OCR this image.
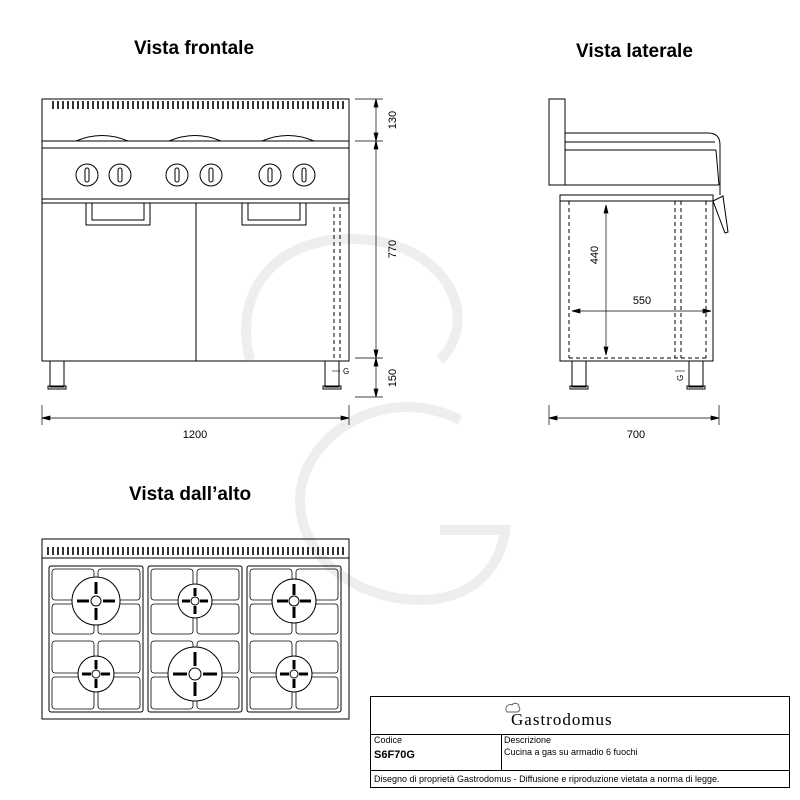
Vista frontale	Vista laterale
Vista dall’alto
G
1200
130
770
150	G
440
550
700
Gastrodomus
Codice
S6F70G
Descrizione
Cucina a gas su armadio 6 fuochi
Disegno di proprietà Gastrodomus - Diffusione e riproduzione vietata a norma di legge.
